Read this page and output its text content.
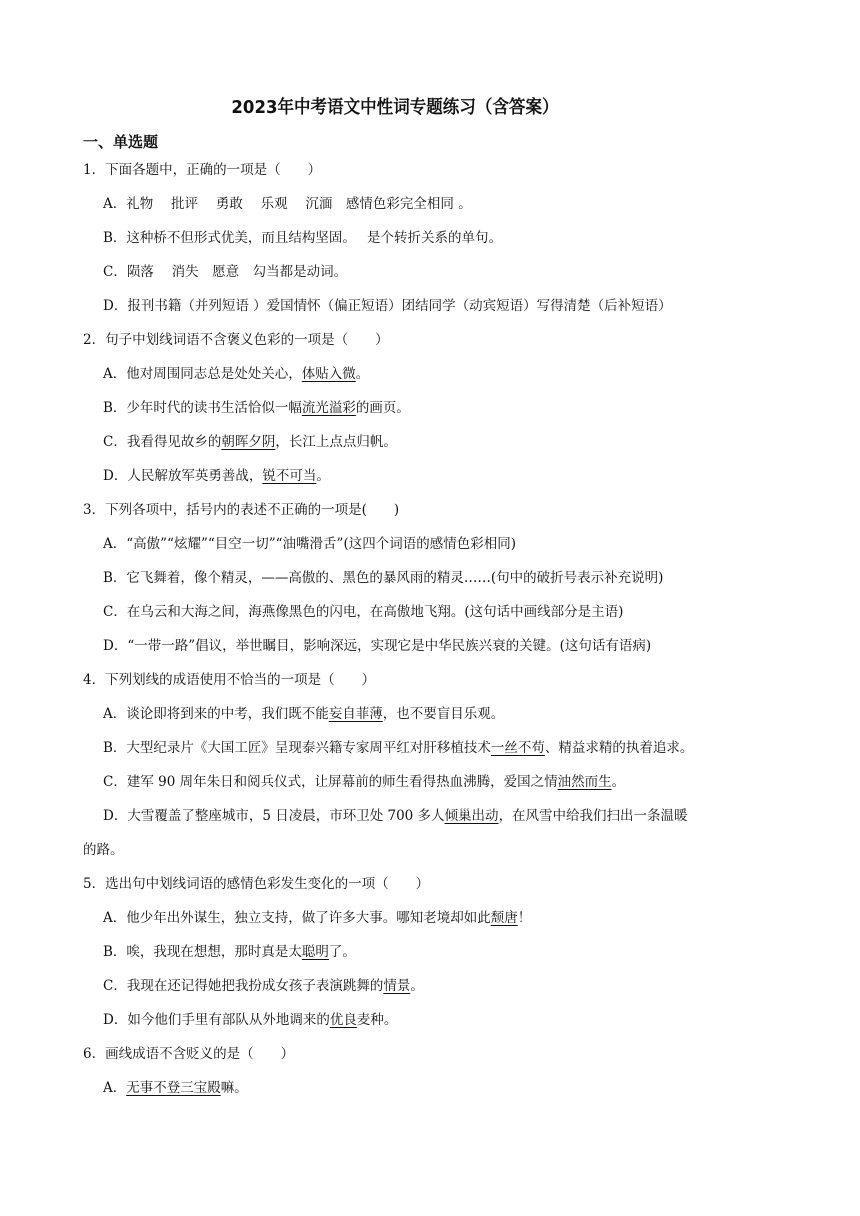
2023年中考语文中性词专题练习（含答案）
一、单选题
1．下面各题中，正确的一项是（　　）
A．礼物　 批评　 勇敢　 乐观　 沉湎　感情色彩完全相同 。
B．这种桥不但形式优美，而且结构坚固。　 是个转折关系的单句。
C．陨落　 消失　愿意　勾当都是动词。
D．报刊书籍（并列短语 ）爱国情怀（偏正短语）团结同学（动宾短语）写得清楚（后补短语）
2．句子中划线词语不含褒义色彩的一项是（　　）
A．他对周围同志总是处处关心，体贴入微。
B．少年时代的读书生活恰似一幅流光溢彩的画页。
C．我看得见故乡的朝晖夕阴，长江上点点归帆。
D．人民解放军英勇善战，锐不可当。
3．下列各项中，括号内的表述不正确的一项是(　　)
A．“高傲”“炫耀”“目空一切”“油嘴滑舌”(这四个词语的感情色彩相同)
B．它飞舞着，像个精灵，——高傲的、黑色的暴风雨的精灵……(句中的破折号表示补充说明)
C．在乌云和大海之间，海燕像黑色的闪电，在高傲地飞翔。(这句话中画线部分是主语)
D．“一带一路”倡议，举世瞩目，影响深远，实现它是中华民族兴衰的关键。(这句话有语病)
4．下列划线的成语使用不恰当的一项是（　　）
A．谈论即将到来的中考，我们既不能妄自菲薄，也不要盲目乐观。
B．大型纪录片《大国工匠》呈现泰兴籍专家周平红对肝移植技术一丝不苟、精益求精的执着追求。
C．建军 90 周年朱日和阅兵仪式，让屏幕前的师生看得热血沸腾，爱国之情油然而生。
D．大雪覆盖了整座城市，5 日凌晨，市环卫处 700 多人倾巢出动，在风雪中给我们扫出一条温暖
的路。
5．选出句中划线词语的感情色彩发生变化的一项（　　）
A．他少年出外谋生，独立支持，做了许多大事。哪知老境却如此颓唐！
B．唉，我现在想想，那时真是太聪明了。
C．我现在还记得她把我扮成女孩子表演跳舞的情景。
D．如今他们手里有部队从外地调来的优良麦种。
6．画线成语不含贬义的是（　　）
A．无事不登三宝殿嘛。
